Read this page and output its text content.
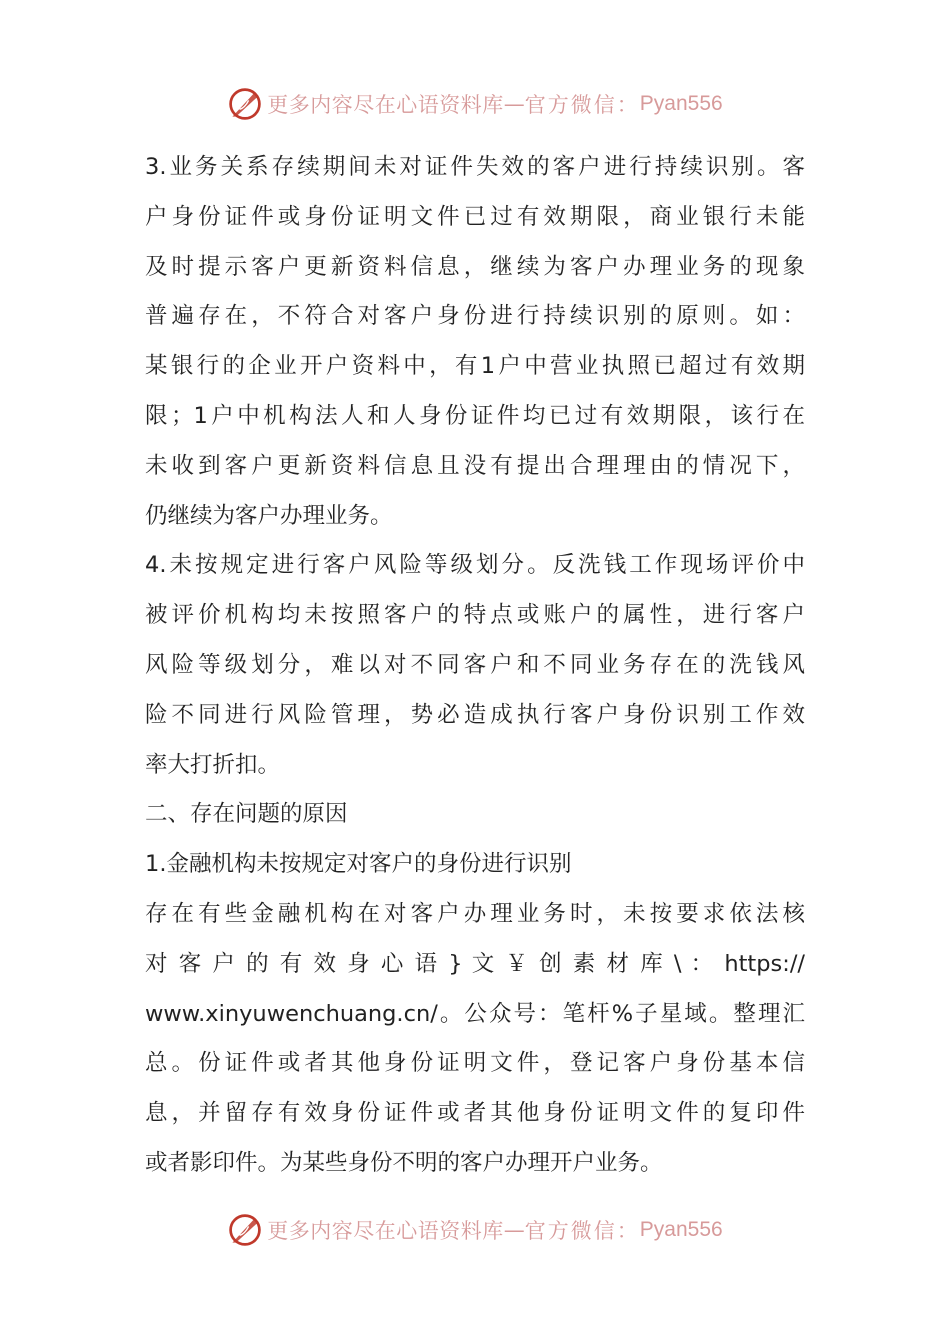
更多内容尽在心语资料库 — 官方微信： Pyan556
3.业务关系存续期间未对证件失效的客户进行持续识别。客
户身份证件或身份证明文件已过有效期限，商业银行未能
及时提示客户更新资料信息，继续为客户办理业务的现象
普遍存在，不符合对客户身份进行持续识别的原则。如：
某银行的企业开户资料中，有1户中营业执照已超过有效期
限；1户中机构法人和人身份证件均已过有效期限，该行在
未收到客户更新资料信息且没有提出合理理由的情况下，
仍继续为客户办理业务。
4.未按规定进行客户风险等级划分。反洗钱工作现场评价中
被评价机构均未按照客户的特点或账户的属性，进行客户
风险等级划分，难以对不同客户和不同业务存在的洗钱风
险不同进行风险管理，势必造成执行客户身份识别工作效
率大打折扣。
二、存在问题的原因
1.金融机构未按规定对客户的身份进行识别
存在有些金融机构在对客户办理业务时，未按要求依法核
对 客 户 的 有 效 身 心 语 } 文 ￥ 创 素 材 库 \ ： https://
www.xinyuwenchuang.cn/。公众号：笔杆%子星域。整理汇
总。份证件或者其他身份证明文件，登记客户身份基本信
息，并留存有效身份证件或者其他身份证明文件的复印件
或者影印件。为某些身份不明的客户办理开户业务。
更多内容尽在心语资料库 — 官方微信： Pyan556
